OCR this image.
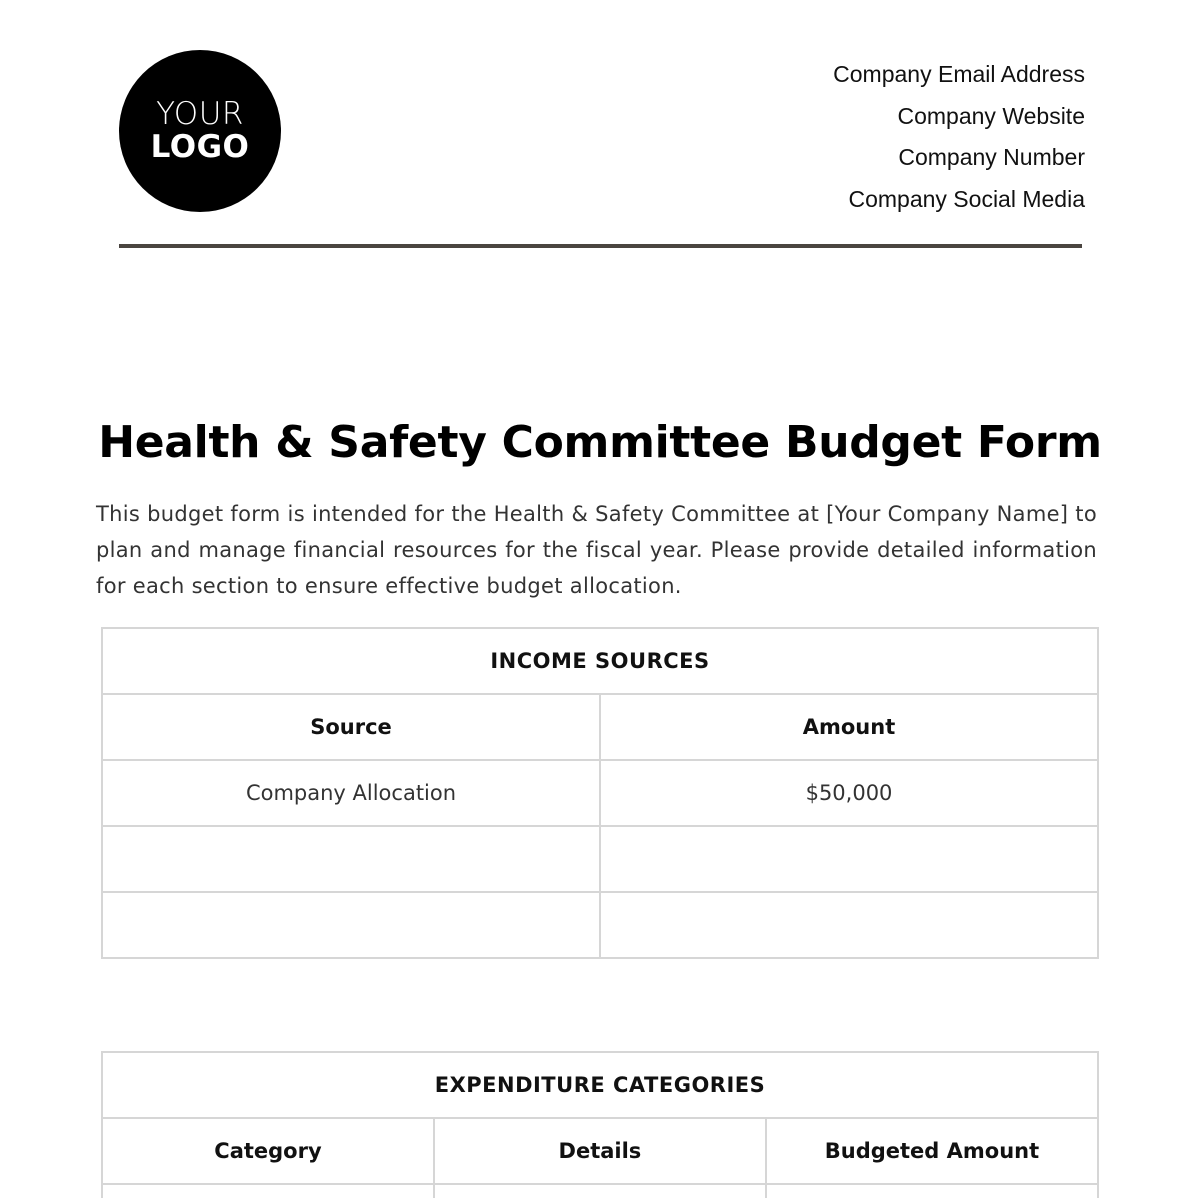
YOUR
LOGO
Company Email Address
Company Website
Company Number
Company Social Media
Health & Safety Committee Budget Form
This budget form is intended for the Health & Safety Committee at [Your Company Name] to plan and manage financial resources for the fiscal year. Please provide detailed information for each section to ensure effective budget allocation.
INCOME SOURCES	
Source	Amount
Company Allocation	$50,000

EXPENDITURE CATEGORIES		
Category	Details	Budgeted Amount
